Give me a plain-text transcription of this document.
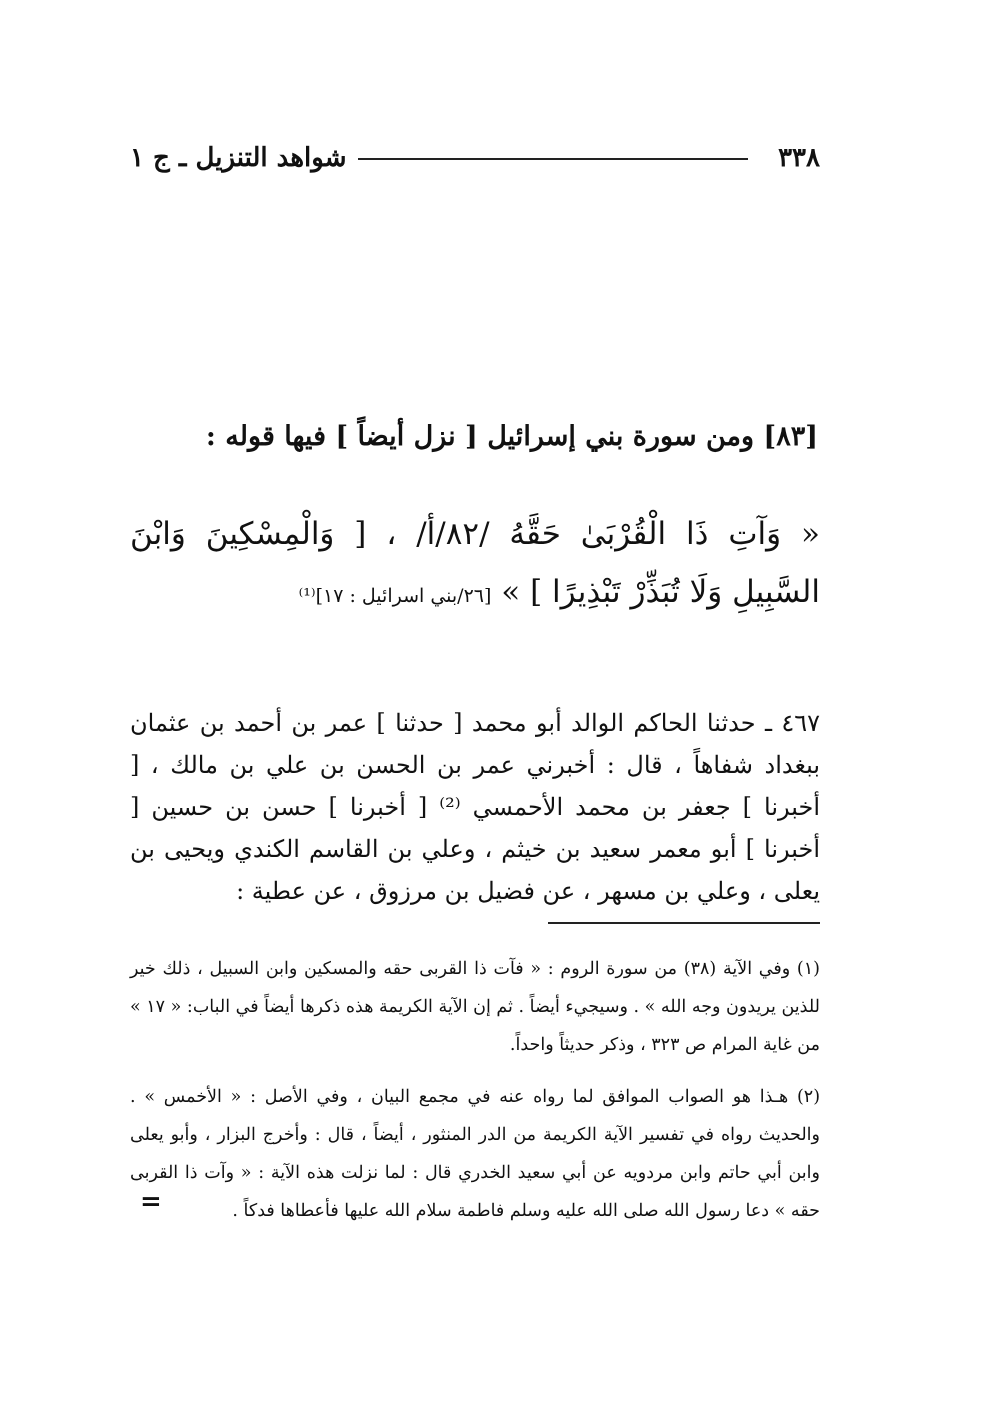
٣٣٨
شواهد التنزيل ـ ج ١
[٨٣] ومن سورة بني إسرائيل [ نزل أيضاً ] فيها قوله :
« وَآتِ ذَا الْقُرْبَىٰ حَقَّهُ /٨٢/أ/ ، [ وَالْمِسْكِينَ وَابْنَ السَّبِيلِ وَلَا تُبَذِّرْ تَبْذِيرًا ] » [٢٦/بني اسرائيل : ١٧]⁽¹⁾
٤٦٧ ـ حدثنا الحاكم الوالد أبو محمد [ حدثنا ] عمر بن أحمد بن عثمان ببغداد شفاهاً ، قال : أخبرني عمر بن الحسن بن علي بن مالك ، [ أخبرنا ] جعفر بن محمد الأحمسي ⁽²⁾ [ أخبرنا ] حسن بن حسين [ أخبرنا ] أبو معمر سعيد بن خيثم ، وعلي بن القاسم الكندي ويحيى بن يعلى ، وعلي بن مسهر ، عن فضيل بن مرزوق ، عن عطية :
(١) وفي الآية (٣٨) من سورة الروم : « فآت ذا القربى حقه والمسكين وابن السبيل ، ذلك خير للذين يريدون وجه الله » . وسيجيء أيضاً . ثم إن الآية الكريمة هذه ذكرها أيضاً في الباب: « ١٧ » من غاية المرام ص ٣٢٣ ، وذكر حديثاً واحداً.
(٢) هـذا هو الصواب الموافق لما رواه عنه في مجمع البيان ، وفي الأصل : « الأخمس » . والحديث رواه في تفسير الآية الكريمة من الدر المنثور ، أيضاً ، قال : وأخرج البزار ، وأبو يعلى وابن أبي حاتم وابن مردويه عن أبي سعيد الخدري قال : لما نزلت هذه الآية : « وآت ذا القربى حقه » دعا رسول الله صلى الله عليه وسلم فاطمة سلام الله عليها فأعطاها فدكاً .
=
